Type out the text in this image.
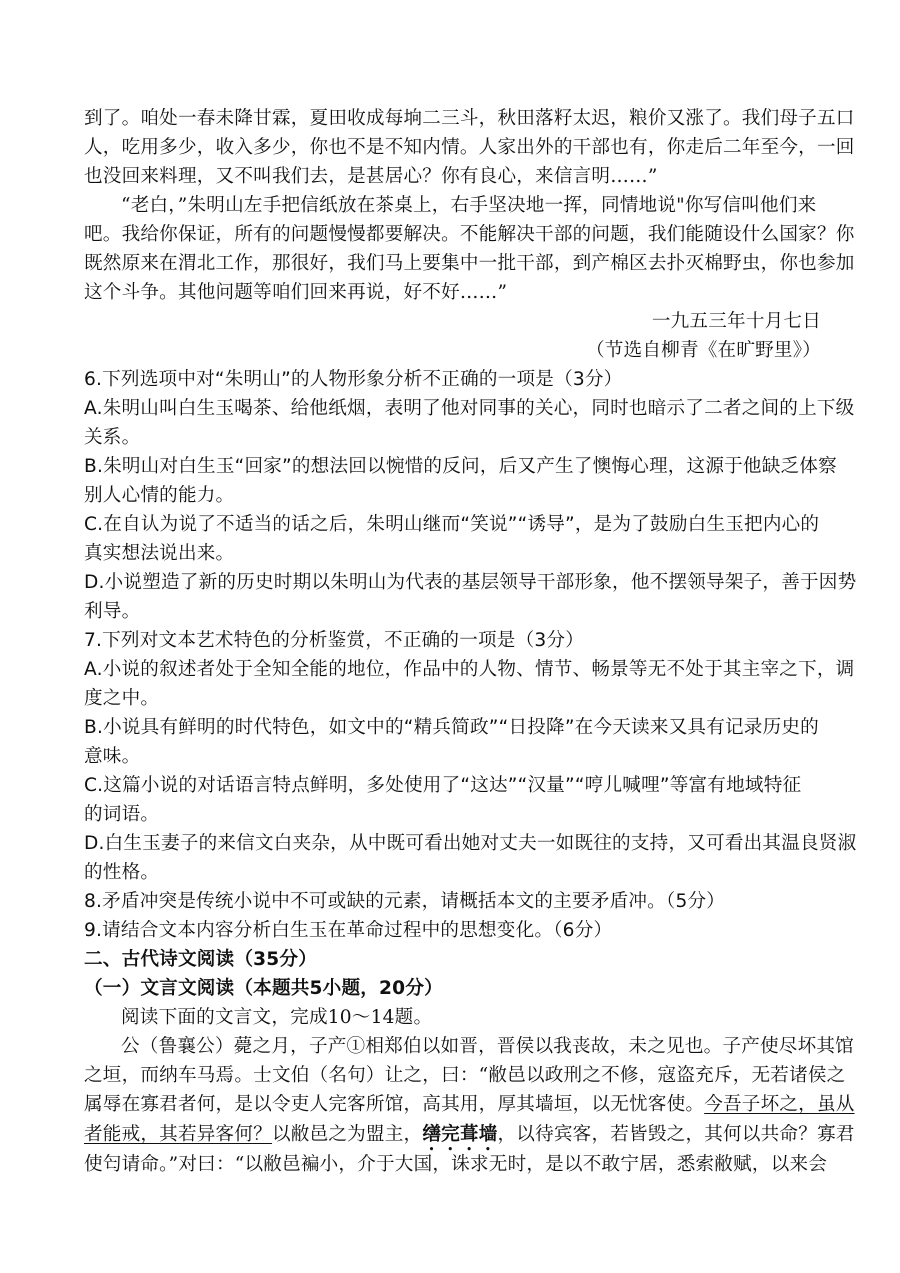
到了。咱处一春未降甘霖，夏田收成每垧二三斗，秋田落籽太迟，粮价又涨了。我们母子五口
人，吃用多少，收入多少，你也不是不知内情。人家出外的干部也有，你走后二年至今，一回
也没回来料理，又不叫我们去，是甚居心？你有良心，来信言明……”
“老白，”朱明山左手把信纸放在茶桌上，右手坚决地一挥，同情地说"你写信叫他们来
吧。我给你保证，所有的问题慢慢都要解决。不能解决干部的问题，我们能随设什么国家？你
既然原来在渭北工作，那很好，我们马上要集中一批干部，到产棉区去扑灭棉野虫，你也参加
这个斗争。其他问题等咱们回来再说，好不好……”
一九五三年十月七日
（节选自柳青《在旷野里》）
6.下列选项中对“朱明山”的人物形象分析不正确的一项是（3分）
A.朱明山叫白生玉喝茶、给他纸烟，表明了他对同事的关心，同时也暗示了二者之间的上下级
关系。
B.朱明山对白生玉“回家”的想法回以惋惜的反问，后又产生了懊悔心理，这源于他缺乏体察
别人心情的能力。
C.在自认为说了不适当的话之后，朱明山继而“笑说”“诱导”，是为了鼓励白生玉把内心的
真实想法说出来。
D.小说塑造了新的历史时期以朱明山为代表的基层领导干部形象，他不摆领导架子，善于因势
利导。
7.下列对文本艺术特色的分析鉴赏，不正确的一项是（3分）
A.小说的叙述者处于全知全能的地位，作品中的人物、情节、畅景等无不处于其主宰之下，调
度之中。
B.小说具有鲜明的时代特色，如文中的“精兵简政”“日投降”在今天读来又具有记录历史的
意味。
C.这篇小说的对话语言特点鲜明，多处使用了“这达”“汉量”“哼儿喊哩”等富有地域特征
的词语。
D.白生玉妻子的来信文白夹杂，从中既可看出她对丈夫一如既往的支持，又可看出其温良贤淑
的性格。
8.矛盾冲突是传统小说中不可或缺的元素，请概括本文的主要矛盾冲。（5分）
9.请结合文本内容分析白生玉在革命过程中的思想变化。（6分）
二、古代诗文阅读（35分）
（一）文言文阅读（本题共5小题，20分）
阅读下面的文言文，完成10～14题。
公（鲁襄公）薨之月，子产①相郑伯以如晋，晋侯以我丧故，未之见也。子产使尽坏其馆
之垣，而纳车马焉。士文伯（名句）让之，曰：“敝邑以政刑之不修，寇盗充斥，无若诸侯之
属辱在寡君者何，是以令吏人完客所馆，高其用，厚其墙垣，以无忧客使。今吾子坏之，虽从
者能戒，其若异客何？以敝邑之为盟主，缮完葺墙，以待宾客，若皆毁之，其何以共命？寡君
使匄请命。”对曰：“以敝邑褊小，介于大国，诛求无时，是以不敢宁居，悉索敝赋，以来会
